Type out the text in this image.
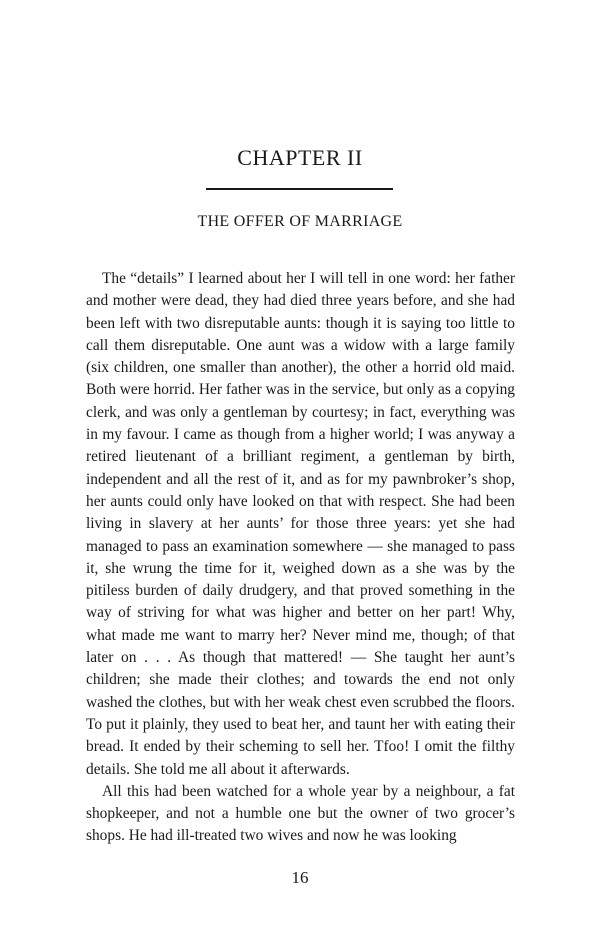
CHAPTER II
THE OFFER OF MARRIAGE

The “details” I learned about her I will tell in one word: her father and mother were dead, they had died three years before, and she had been left with two disreputable aunts: though it is saying too little to call them disreputable. One aunt was a widow with a large family (six children, one smaller than another), the other a horrid old maid. Both were horrid. Her father was in the service, but only as a copying clerk, and was only a gentleman by courtesy; in fact, everything was in my favour. I came as though from a higher world; I was anyway a retired lieutenant of a brilliant regiment, a gentleman by birth, independent and all the rest of it, and as for my pawnbroker’s shop, her aunts could only have looked on that with respect. She had been living in slavery at her aunts’ for those three years: yet she had managed to pass an examination somewhere — she managed to pass it, she wrung the time for it, weighed down as a she was by the pitiless burden of daily drudgery, and that proved something in the way of striving for what was higher and better on her part! Why, what made me want to marry her? Never mind me, though; of that later on . . . As though that mattered! — She taught her aunt’s children; she made their clothes; and towards the end not only washed the clothes, but with her weak chest even scrubbed the floors. To put it plainly, they used to beat her, and taunt her with eating their bread. It ended by their scheming to sell her. Tfoo! I omit the filthy details. She told me all about it afterwards.

All this had been watched for a whole year by a neighbour, a fat shopkeeper, and not a humble one but the owner of two grocer’s shops. He had ill-treated two wives and now he was looking

16
